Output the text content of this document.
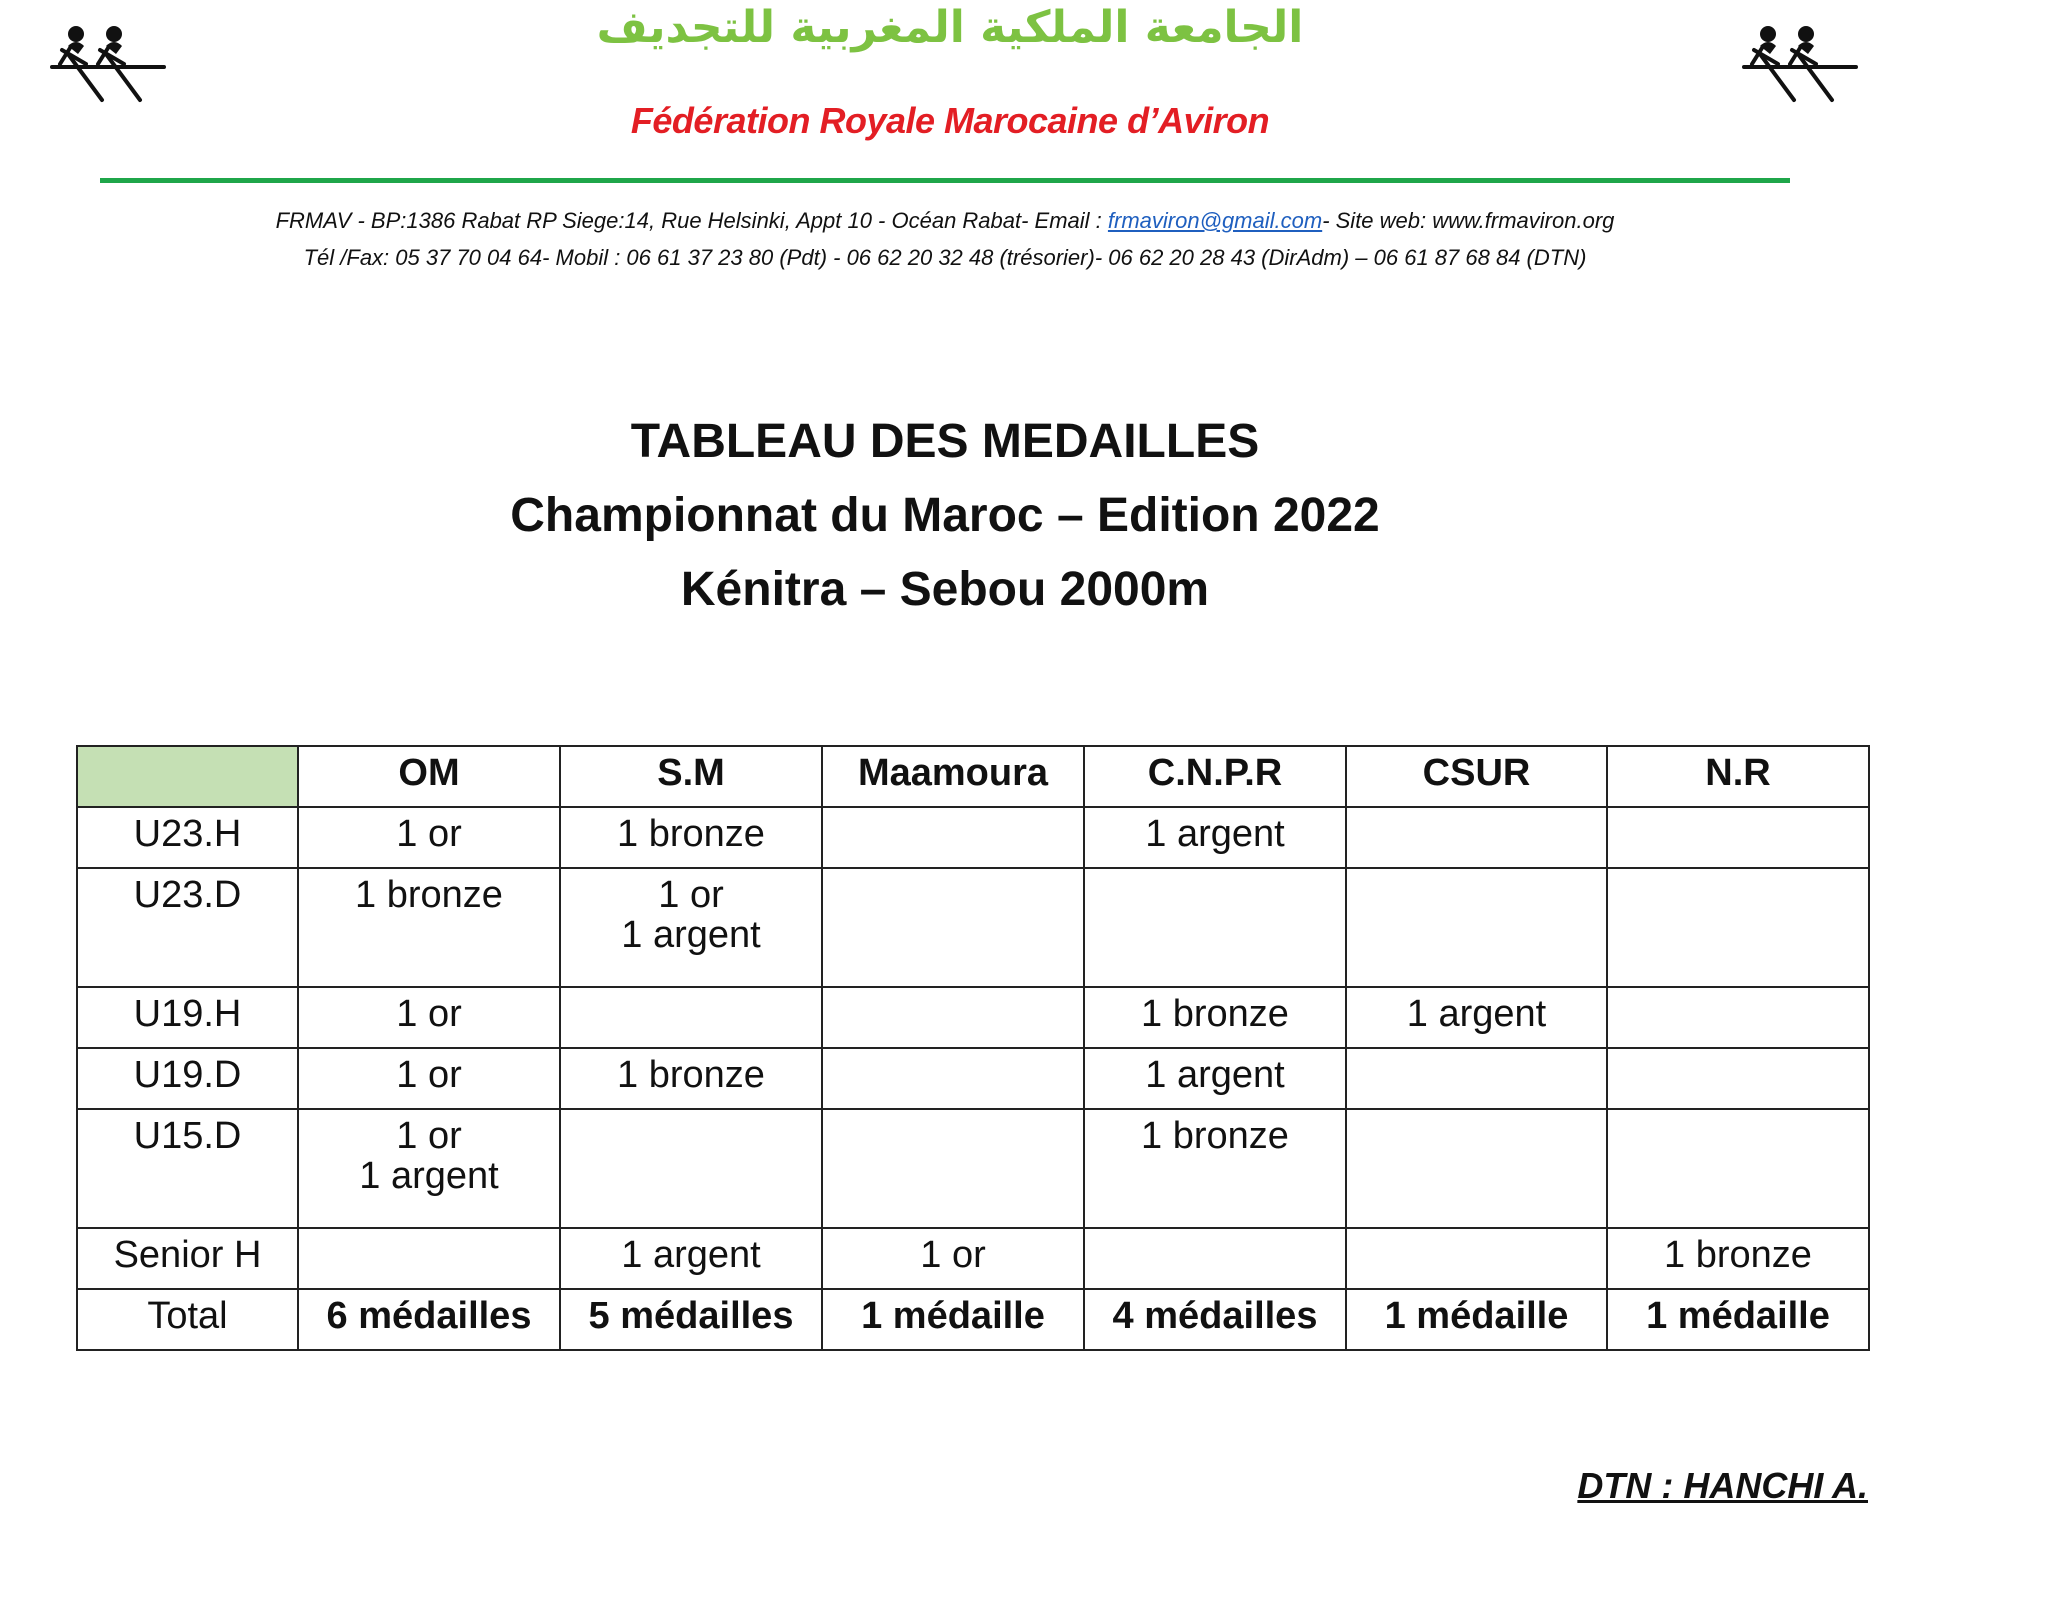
الجامعة الملكية المغربية للتجديف
Fédération Royale Marocaine d’Aviron
FRMAV - BP:1386 Rabat RP Siege:14, Rue Helsinki, Appt 10 - Océan Rabat- Email : frmaviron@gmail.com- Site web: www.frmaviron.org
Tél /Fax: 05 37 70 04 64- Mobil : 06 61 37 23 80 (Pdt) - 06 62 20 32 48 (trésorier)- 06 62 20 28 43 (DirAdm) – 06 61 87 68 84 (DTN)
TABLEAU DES MEDAILLES
Championnat du Maroc – Edition 2022
Kénitra – Sebou 2000m
	OM	S.M	Maamoura	C.N.P.R	CSUR	N.R
U23.H	1 or	1 bronze		1 argent		

U23.D	1 bronze	1 or
1 argent				

U19.H	1 or			1 bronze	1 argent	

U19.D	1 or	1 bronze		1 argent		

U15.D	1 or
1 argent			1 bronze		

Senior H		1 argent	1 or			1 bronze

Total	6 médailles	5 médailles	1 médaille	4 médailles	1 médaille	1 médaille
DTN : HANCHI A.
